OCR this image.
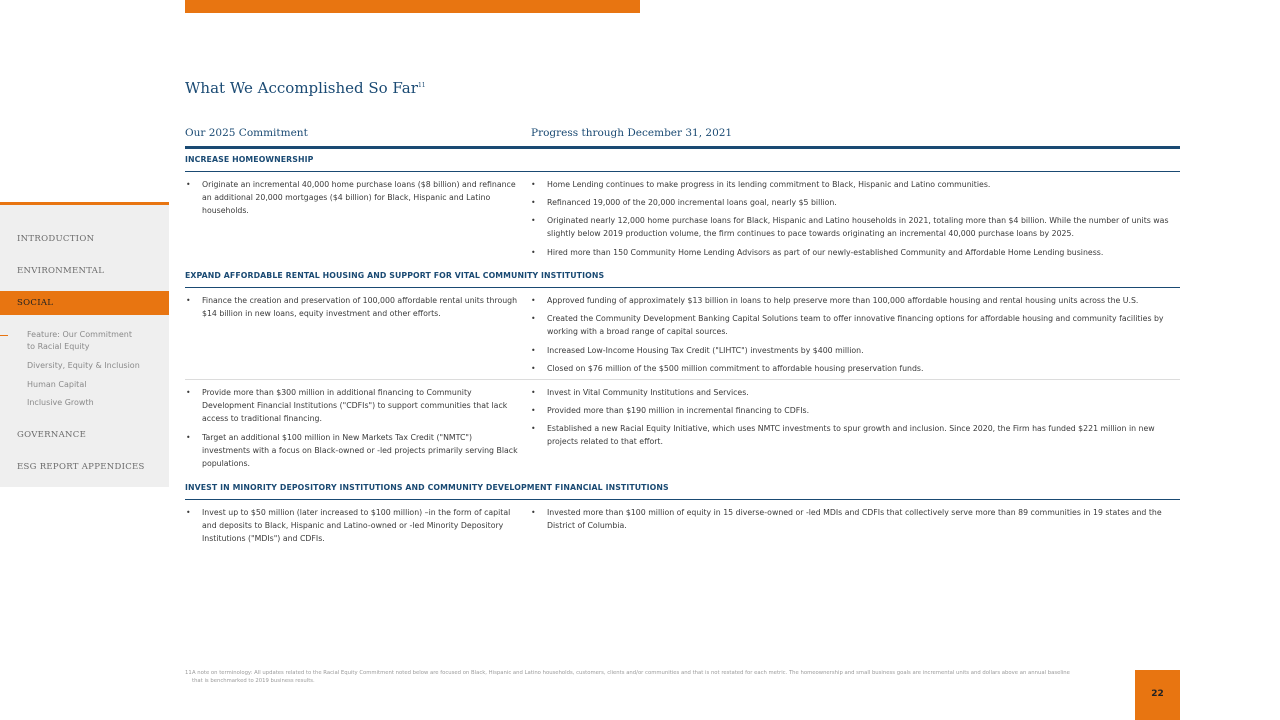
INTRODUCTION
ENVIRONMENTAL
SOCIAL
Feature: Our Commitment
to Racial Equity
Diversity, Equity & Inclusion
Human Capital
Inclusive Growth
GOVERNANCE
ESG REPORT APPENDICES
What We Accomplished So Far$^{11}$
Our 2025 Commitment	Progress through December 31, 2021
INCREASE HOMEOWNERSHIP
• Originate an incremental 40,000 home purchase loans ($8 billion) and refinance an additional 20,000 mortgages ($4 billion) for Black, Hispanic and Latino households.
• Home Lending continues to make progress in its lending commitment to Black, Hispanic and Latino communities.
• Refinanced 19,000 of the 20,000 incremental loans goal, nearly $5 billion.
• Originated nearly 12,000 home purchase loans for Black, Hispanic and Latino households in 2021, totaling more than $4 billion. While the number of units was slightly below 2019 production volume, the firm continues to pace towards originating an incremental 40,000 purchase loans by 2025.
• Hired more than 150 Community Home Lending Advisors as part of our newly-established Community and Affordable Home Lending business.
EXPAND AFFORDABLE RENTAL HOUSING AND SUPPORT FOR VITAL COMMUNITY INSTITUTIONS
• Finance the creation and preservation of 100,000 affordable rental units through $14 billion in new loans, equity investment and other efforts.
• Approved funding of approximately $13 billion in loans to help preserve more than 100,000 affordable housing and rental housing units across the U.S.
• Created the Community Development Banking Capital Solutions team to offer innovative financing options for affordable housing and community facilities by working with a broad range of capital sources.
• Increased Low-Income Housing Tax Credit ("LIHTC") investments by $400 million.
• Closed on $76 million of the $500 million commitment to affordable housing preservation funds.
• Provide more than $300 million in additional financing to Community Development Financial Institutions ("CDFIs") to support communities that lack access to traditional financing.
• Target an additional $100 million in New Markets Tax Credit ("NMTC") investments with a focus on Black-owned or -led projects primarily serving Black populations.
• Invest in Vital Community Institutions and Services.
• Provided more than $190 million in incremental financing to CDFIs.
• Established a new Racial Equity Initiative, which uses NMTC investments to spur growth and inclusion. Since 2020, the Firm has funded $221 million in new projects related to that effort.
INVEST IN MINORITY DEPOSITORY INSTITUTIONS AND COMMUNITY DEVELOPMENT FINANCIAL INSTITUTIONS
• Invest up to $50 million (later increased to $100 million) –in the form of capital and deposits to Black, Hispanic and Latino-owned or -led Minority Depository Institutions ("MDIs") and CDFIs.
• Invested more than $100 million of equity in 15 diverse-owned or -led MDIs and CDFIs that collectively serve more than 89 communities in 19 states and the District of Columbia.
11 A note on terminology: All updates related to the Racial Equity Commitment noted below are focused on Black, Hispanic and Latino households, customers, clients and/or communities and that is not restated for each metric. The homeownership and small business goals are incremental units and dollars above an annual baseline that is benchmarked to 2019 business results.
22
